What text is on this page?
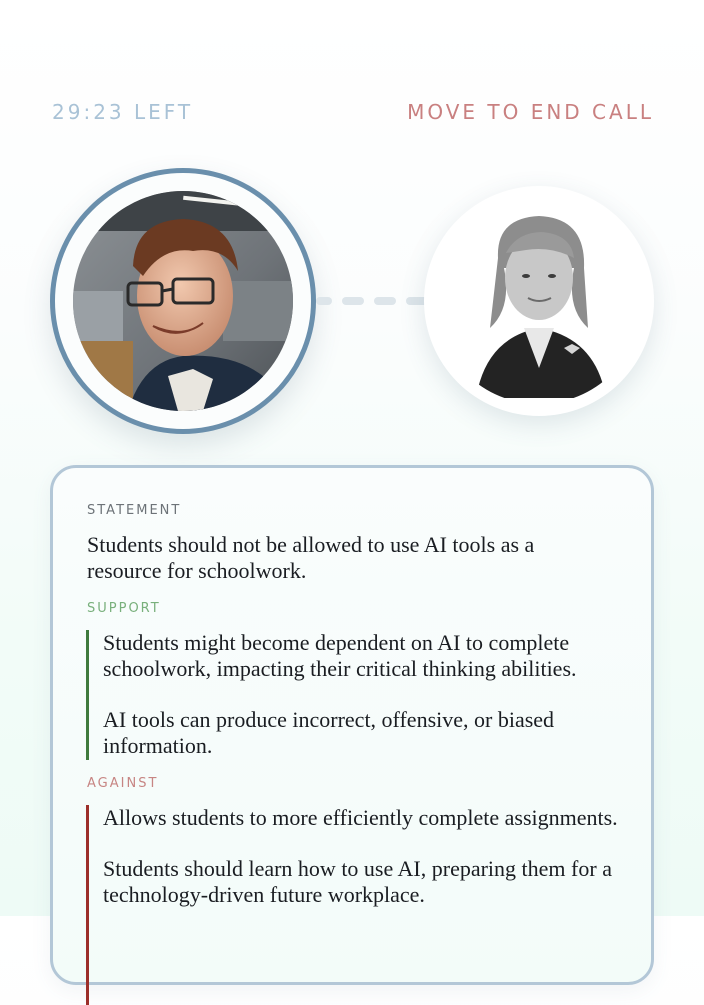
29:23 LEFT	MOVE TO END CALL
STATEMENT
Students should not be allowed to use AI tools as a resource for schoolwork.
SUPPORT

Students might become dependent on AI to complete schoolwork, impacting their critical thinking abilities.

AI tools can produce incorrect, offensive, or biased information.

AGAINST

Allows students to more efficiently complete assignments.

Students should learn how to use AI, preparing them for a technology-driven future workplace.
